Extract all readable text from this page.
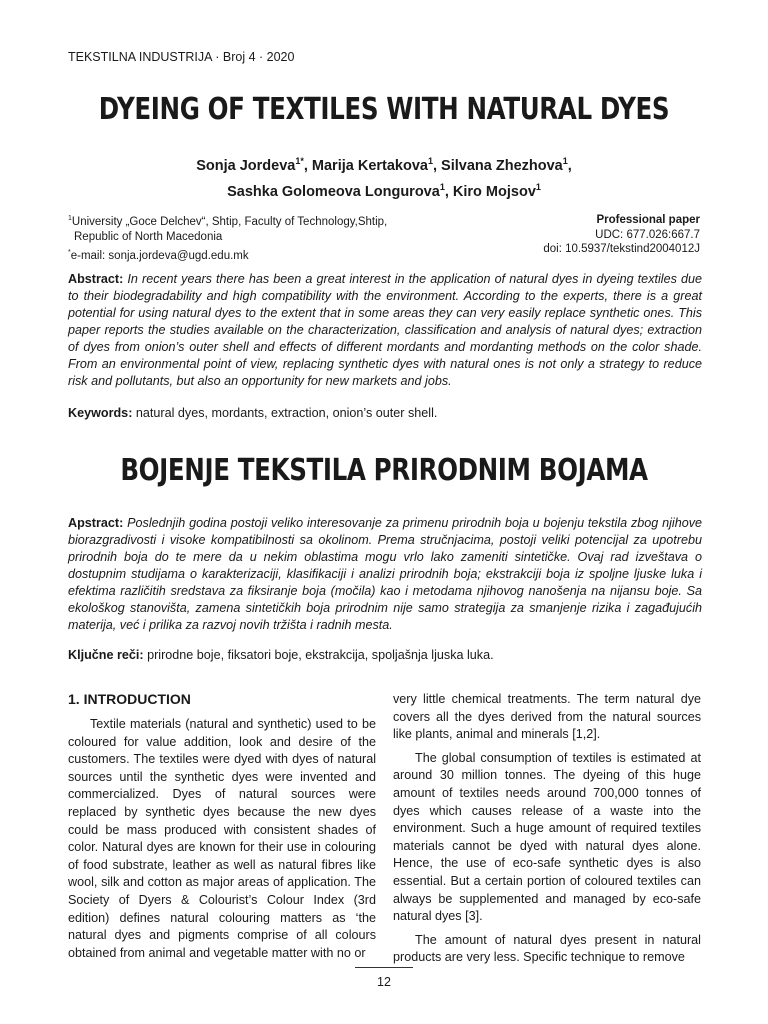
TEKSTILNA INDUSTRIJA · Broj 4 · 2020
DYEING OF TEXTILES WITH NATURAL DYES
Sonja Jordeva$^{1*}$, Marija Kertakova$^1$, Silvana Zhezhova$^1$,
Sashka Golomeova Longurova$^1$, Kiro Mojsov$^1$
$^1$University „Goce Delchev“, Shtip, Faculty of Technology,Shtip,
Republic of North Macedonia
*e-mail: sonja.jordeva@ugd.edu.mk
Professional paper
UDC: 677.026:667.7
doi: 10.5937/tekstind2004012J
Abstract: In recent years there has been a great interest in the application of natural dyes in dyeing textiles due to their biodegradability and high compatibility with the environment. According to the experts, there is a great potential for using natural dyes to the extent that in some areas they can very easily replace synthetic ones. This paper reports the studies available on the characterization, classification and analysis of natural dyes; extraction of dyes from onion’s outer shell and effects of different mordants and mordanting methods on the color shade. From an environmental point of view, replacing synthetic dyes with natural ones is not only a strategy to reduce risk and pollutants, but also an opportunity for new markets and jobs.
Keywords: natural dyes, mordants, extraction, onion’s outer shell.
BOJENJE TEKSTILA PRIRODNIM BOJAMA
Apstract: Poslednjih godina postoji veliko interesovanje za primenu prirodnih boja u bojenju tekstila zbog njihove biorazgradivosti i visoke kompatibilnosti sa okolinom. Prema stručnjacima, postoji veliki potencijal za upotrebu prirodnih boja do te mere da u nekim oblastima mogu vrlo lako zameniti sintetičke. Ovaj rad izveštava o dostupnim studijama o karakterizaciji, klasifikaciji i analizi prirodnih boja; ekstrakciji boja iz spoljne ljuske luka i efektima različitih sredstava za fiksiranje boja (močila) kao i metodama njihovog nanošenja na nijansu boje. Sa ekološkog stanovišta, zamena sintetičkih boja prirodnim nije samo strategija za smanjenje rizika i zagađujućih materija, već i prilika za razvoj novih tržišta i radnih mesta.
Ključne reči: prirodne boje, fiksatori boje, ekstrakcija, spoljašnja ljuska luka.
1. INTRODUCTION

Textile materials (natural and synthetic) used to be coloured for value addition, look and desire of the customers. The textiles were dyed with dyes of natural sources until the synthetic dyes were invented and commercialized. Dyes of natural sources were replaced by synthetic dyes because the new dyes could be mass produced with consistent shades of color. Natural dyes are known for their use in colouring of food substrate, leather as well as natural fibres like wool, silk and cotton as major areas of application. The Society of Dyers & Colourist’s Colour Index (3rd edition) defines natural colouring matters as ‘the natural dyes and pigments comprise of all colours obtained from animal and vegetable matter with no or

very little chemical treatments. The term natural dye covers all the dyes derived from the natural sources like plants, animal and minerals [1,2].

The global consumption of textiles is estimated at around 30 million tonnes. The dyeing of this huge amount of textiles needs around 700,000 tonnes of dyes which causes release of a waste into the environment. Such a huge amount of required textiles materials cannot be dyed with natural dyes alone. Hence, the use of eco-safe synthetic dyes is also essential. But a certain portion of coloured textiles can always be supplemented and managed by eco-safe natural dyes [3].

The amount of natural dyes present in natural products are very less. Specific technique to remove

12
